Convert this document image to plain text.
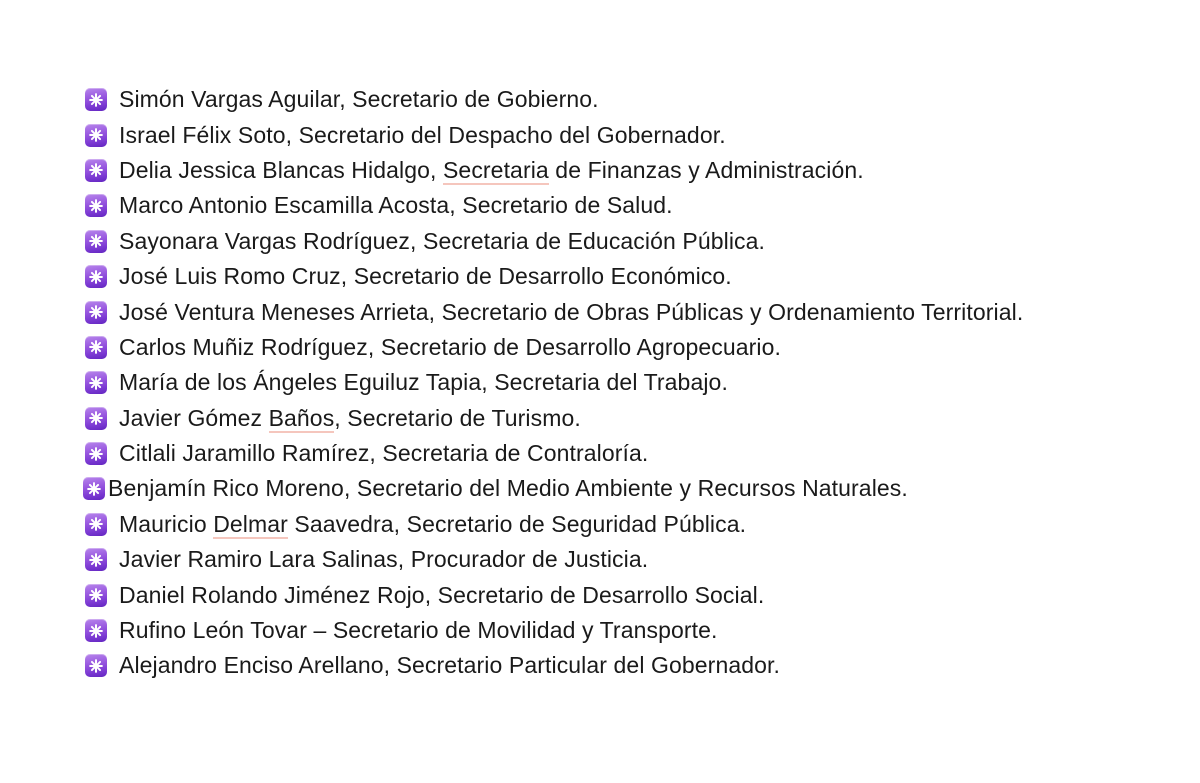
Simón Vargas Aguilar, Secretario de Gobierno.
Israel Félix Soto, Secretario del Despacho del Gobernador.
Delia Jessica Blancas Hidalgo, Secretaria de Finanzas y Administración.
Marco Antonio Escamilla Acosta, Secretario de Salud.
Sayonara Vargas Rodríguez, Secretaria de Educación Pública.
José Luis Romo Cruz, Secretario de Desarrollo Económico.
José Ventura Meneses Arrieta, Secretario de Obras Públicas y Ordenamiento Territorial.
Carlos Muñiz Rodríguez, Secretario de Desarrollo Agropecuario.
María de los Ángeles Eguiluz Tapia, Secretaria del Trabajo.
Javier Gómez Baños, Secretario de Turismo.
Citlali Jaramillo Ramírez, Secretaria de Contraloría.
Benjamín Rico Moreno, Secretario del Medio Ambiente y Recursos Naturales.
Mauricio Delmar Saavedra, Secretario de Seguridad Pública.
Javier Ramiro Lara Salinas, Procurador de Justicia.
Daniel Rolando Jiménez Rojo, Secretario de Desarrollo Social.
Rufino León Tovar – Secretario de Movilidad y Transporte.
Alejandro Enciso Arellano, Secretario Particular del Gobernador.
